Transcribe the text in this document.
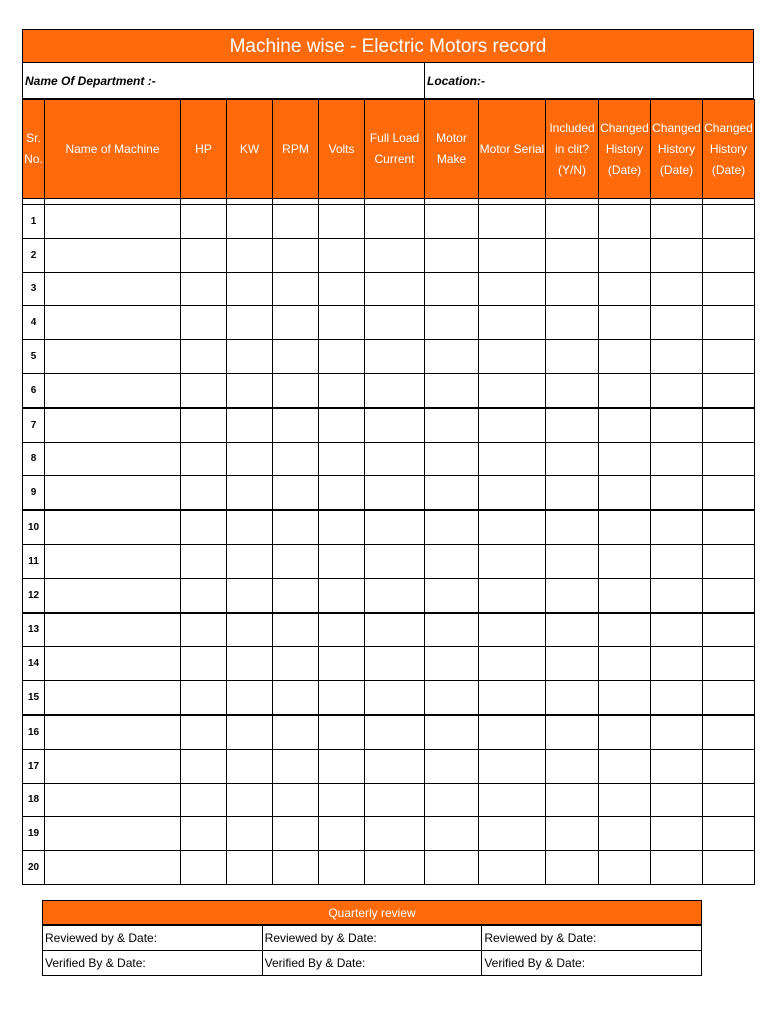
Machine wise - Electric Motors record
Name Of Department :-	Location:-
Sr. No.	Name of Machine	HP	KW	RPM	Volts	Full Load Current	Motor Make	Motor Serial	Included in clit? (Y/N)	Changed History (Date)	Changed History (Date)	Changed History (Date)

1												
2												
3												
4												
5												
6												
7												
8												
9												
10												
11												
12												
13												
14												
15												
16												
17												
18												
19												
20												
Quarterly review
Reviewed by & Date:	Reviewed by & Date:	Reviewed by & Date:
Verified By & Date:	Verified By & Date:	Verified By & Date:
